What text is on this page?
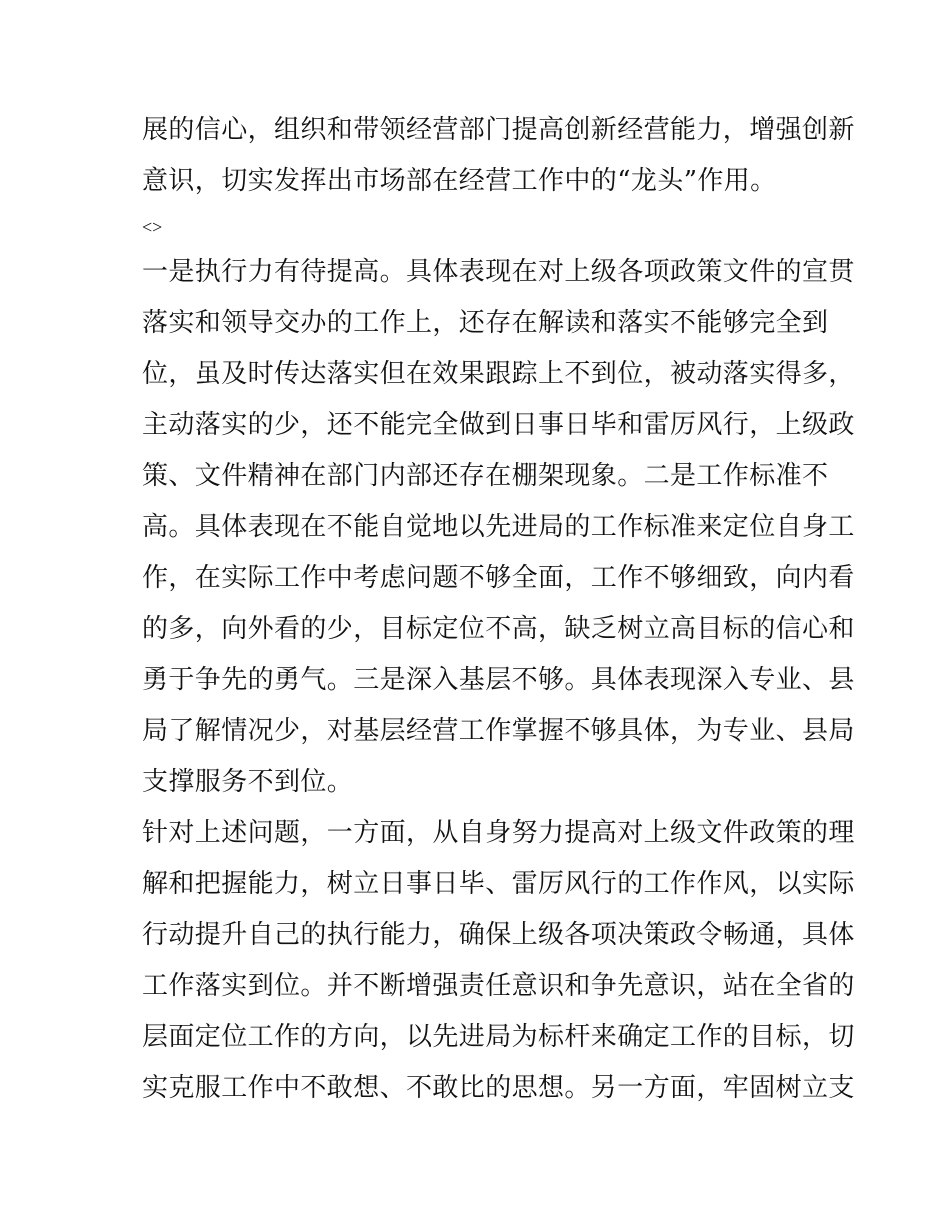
展的信心，组织和带领经营部门提高创新经营能力，增强创新
意识，切实发挥出市场部在经营工作中的“龙头”作用。
<>
一是执行力有待提高。具体表现在对上级各项政策文件的宣贯
落实和领导交办的工作上，还存在解读和落实不能够完全到
位，虽及时传达落实但在效果跟踪上不到位，被动落实得多，
主动落实的少，还不能完全做到日事日毕和雷厉风行，上级政
策、文件精神在部门内部还存在棚架现象。二是工作标准不
高。具体表现在不能自觉地以先进局的工作标准来定位自身工
作，在实际工作中考虑问题不够全面，工作不够细致，向内看
的多，向外看的少，目标定位不高，缺乏树立高目标的信心和
勇于争先的勇气。三是深入基层不够。具体表现深入专业、县
局了解情况少，对基层经营工作掌握不够具体，为专业、县局
支撑服务不到位。
针对上述问题，一方面，从自身努力提高对上级文件政策的理
解和把握能力，树立日事日毕、雷厉风行的工作作风，以实际
行动提升自己的执行能力，确保上级各项决策政令畅通，具体
工作落实到位。并不断增强责任意识和争先意识，站在全省的
层面定位工作的方向，以先进局为标杆来确定工作的目标，切
实克服工作中不敢想、不敢比的思想。另一方面，牢固树立支
